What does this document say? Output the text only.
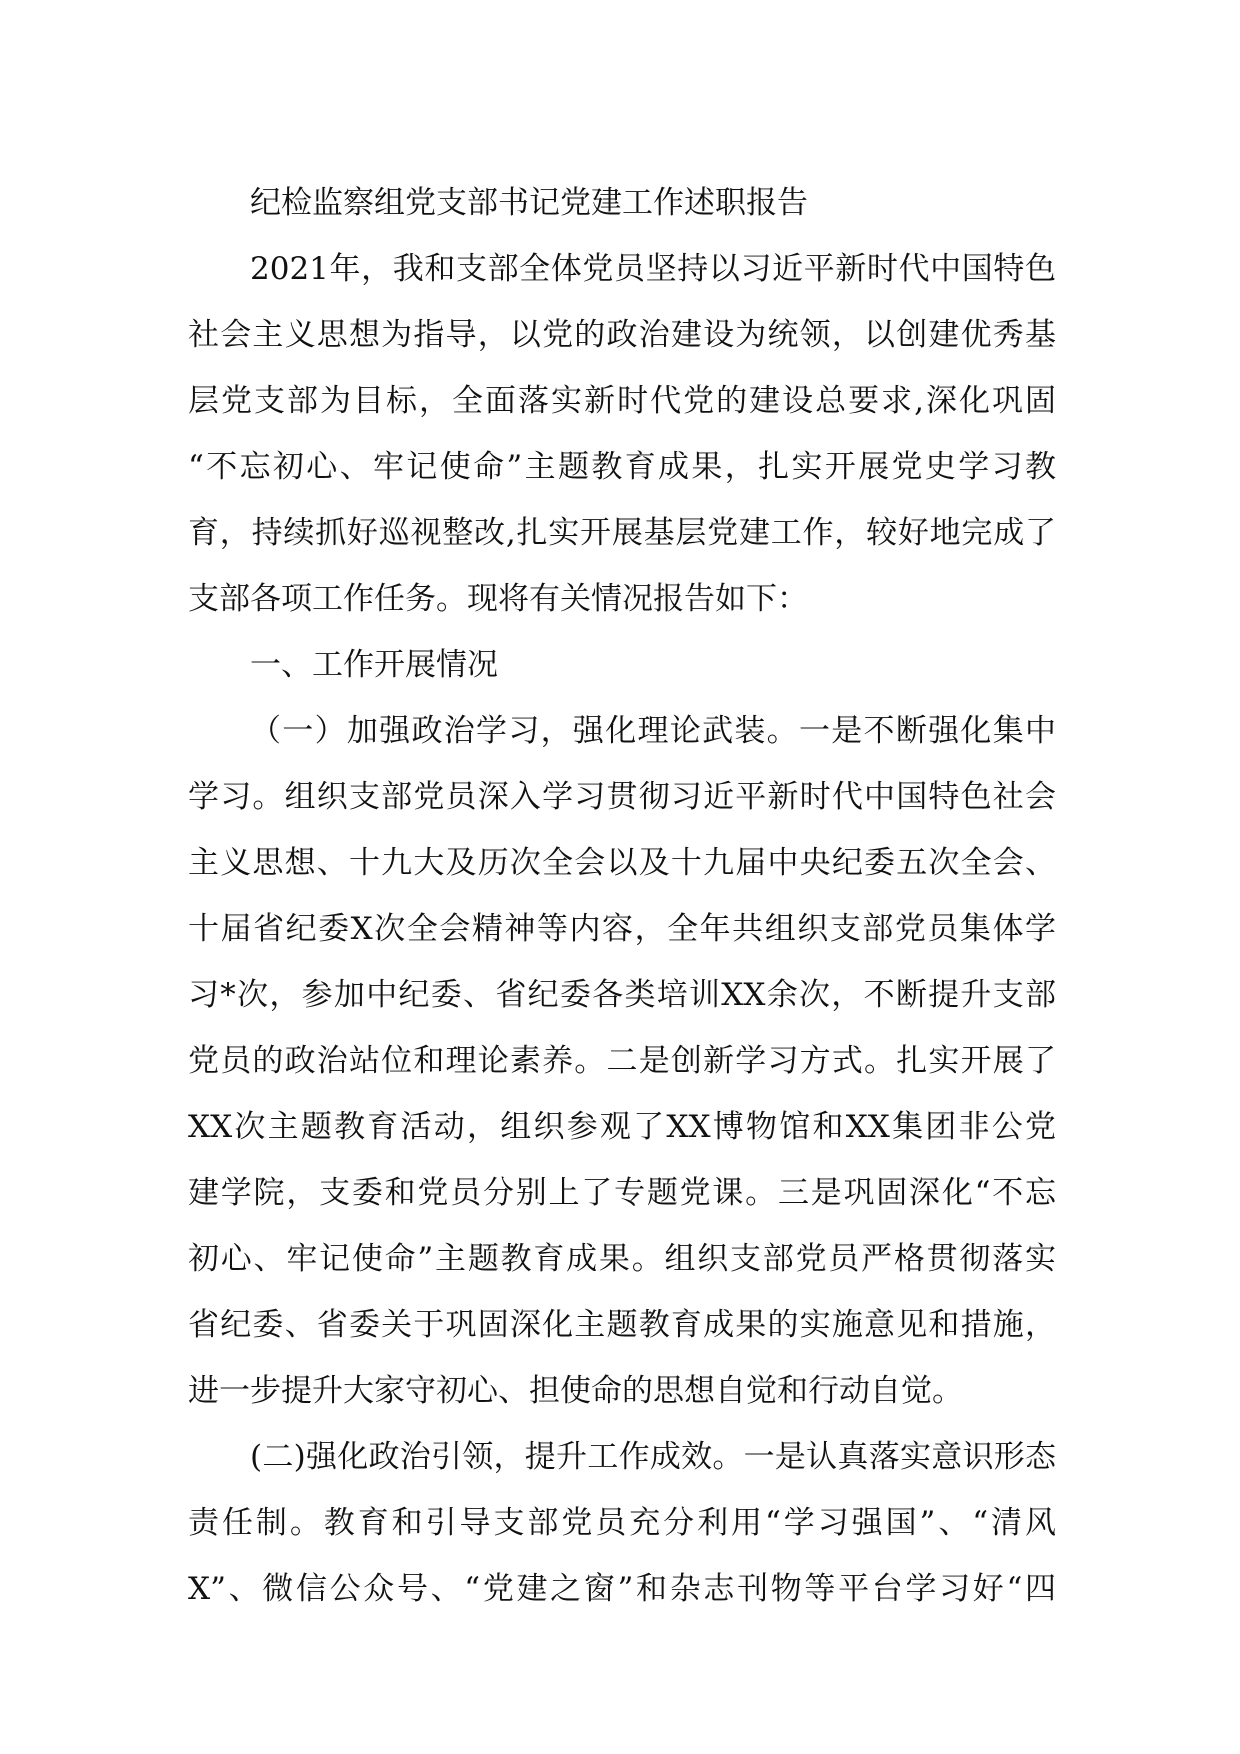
纪检监察组党支部书记党建工作述职报告
2021年，我和支部全体党员坚持以习近平新时代中国特色
社会主义思想为指导，以党的政治建设为统领，以创建优秀基
层党支部为目标，全面落实新时代党的建设总要求,深化巩固
“不忘初心、牢记使命”主题教育成果，扎实开展党史学习教
育，持续抓好巡视整改,扎实开展基层党建工作，较好地完成了
支部各项工作任务。现将有关情况报告如下：
一、工作开展情况
（一）加强政治学习，强化理论武装。一是不断强化集中
学习。组织支部党员深入学习贯彻习近平新时代中国特色社会
主义思想、十九大及历次全会以及十九届中央纪委五次全会、
十届省纪委X次全会精神等内容，全年共组织支部党员集体学
习*次，参加中纪委、省纪委各类培训XX余次，不断提升支部
党员的政治站位和理论素养。二是创新学习方式。扎实开展了
XX次主题教育活动，组织参观了XX博物馆和XX集团非公党
建学院，支委和党员分别上了专题党课。三是巩固深化“不忘
初心、牢记使命”主题教育成果。组织支部党员严格贯彻落实
省纪委、省委关于巩固深化主题教育成果的实施意见和措施，
进一步提升大家守初心、担使命的思想自觉和行动自觉。
(二)强化政治引领，提升工作成效。一是认真落实意识形态
责任制。教育和引导支部党员充分利用“学习强国”、“清风
X”、微信公众号、“党建之窗”和杂志刊物等平台学习好“四
